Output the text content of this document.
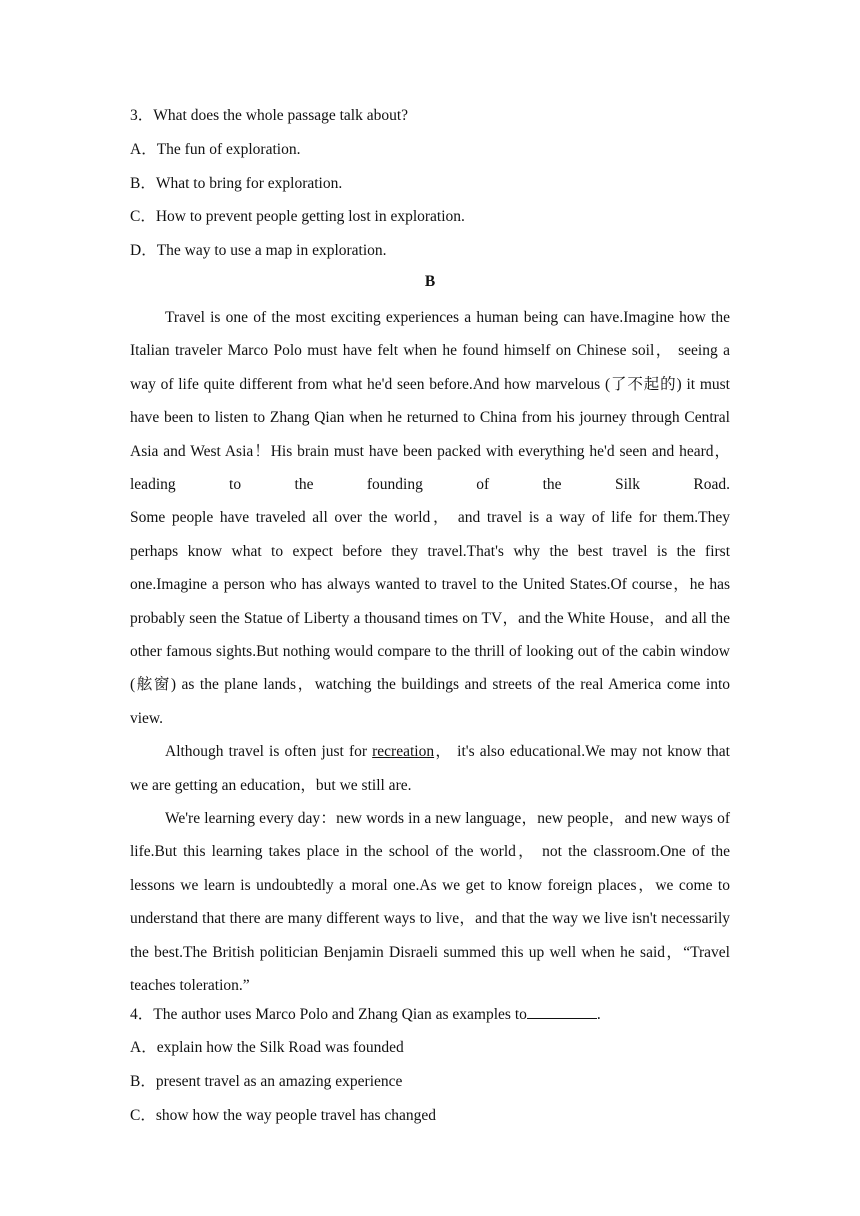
3．What does the whole passage talk about?
A．The fun of exploration.
B．What to bring for exploration.
C．How to prevent people getting lost in exploration.
D．The way to use a map in exploration.
B

Travel is one of the most exciting experiences a human being can have.Imagine how the Italian traveler Marco Polo must have felt when he found himself on Chinese soil， seeing a way of life quite different from what he'd seen before.And how marvelous (了不起的) it must have been to listen to Zhang Qian when he returned to China from his journey through Central Asia and West Asia！His brain must have been packed with everything he'd seen and heard，leading to the founding of the Silk Road.

Some people have traveled all over the world， and travel is a way of life for them.They perhaps know what to expect before they travel.That's why the best travel is the first one.Imagine a person who has always wanted to travel to the United States.Of course，he has probably seen the Statue of Liberty a thousand times on TV，and the White House，and all the other famous sights.But nothing would compare to the thrill of looking out of the cabin window (舷窗) as the plane lands，watching the buildings and streets of the real America come into view.

Although travel is often just for recreation， it's also educational.We may not know that we are getting an education，but we still are.

We're learning every day：new words in a new language，new people，and new ways of life.But this learning takes place in the school of the world， not the classroom.One of the lessons we learn is undoubtedly a moral one.As we get to know foreign places，we come to understand that there are many different ways to live，and that the way we live isn't necessarily the best.The British politician Benjamin Disraeli summed this up well when he said，“Travel teaches toleration.”

4．The author uses Marco Polo and Zhang Qian as examples to	.
A．explain how the Silk Road was founded
B．present travel as an amazing experience
C．show how the way people travel has changed
